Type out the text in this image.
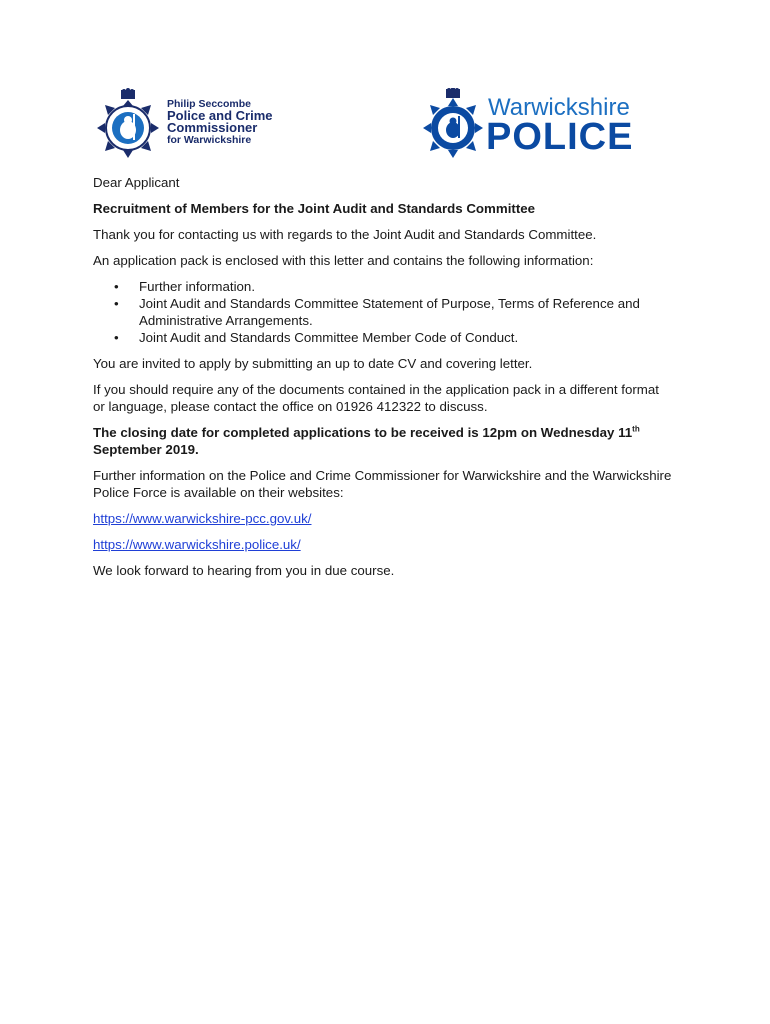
Philip Seccombe
Police and Crime
Commissioner
for Warwickshire
Warwickshire
POLICE

Dear Applicant

Recruitment of Members for the Joint Audit and Standards Committee

Thank you for contacting us with regards to the Joint Audit and Standards Committee.

An application pack is enclosed with this letter and contains the following information:

• Further information.
• Joint Audit and Standards Committee Statement of Purpose, Terms of Reference and Administrative Arrangements.
• Joint Audit and Standards Committee Member Code of Conduct.

You are invited to apply by submitting an up to date CV and covering letter.

If you should require any of the documents contained in the application pack in a different format or language, please contact the office on 01926 412322 to discuss.

The closing date for completed applications to be received is 12pm on Wednesday 11th September 2019.

Further information on the Police and Crime Commissioner for Warwickshire and the Warwickshire Police Force is available on their websites:

https://www.warwickshire-pcc.gov.uk/

https://www.warwickshire.police.uk/

We look forward to hearing from you in due course.
